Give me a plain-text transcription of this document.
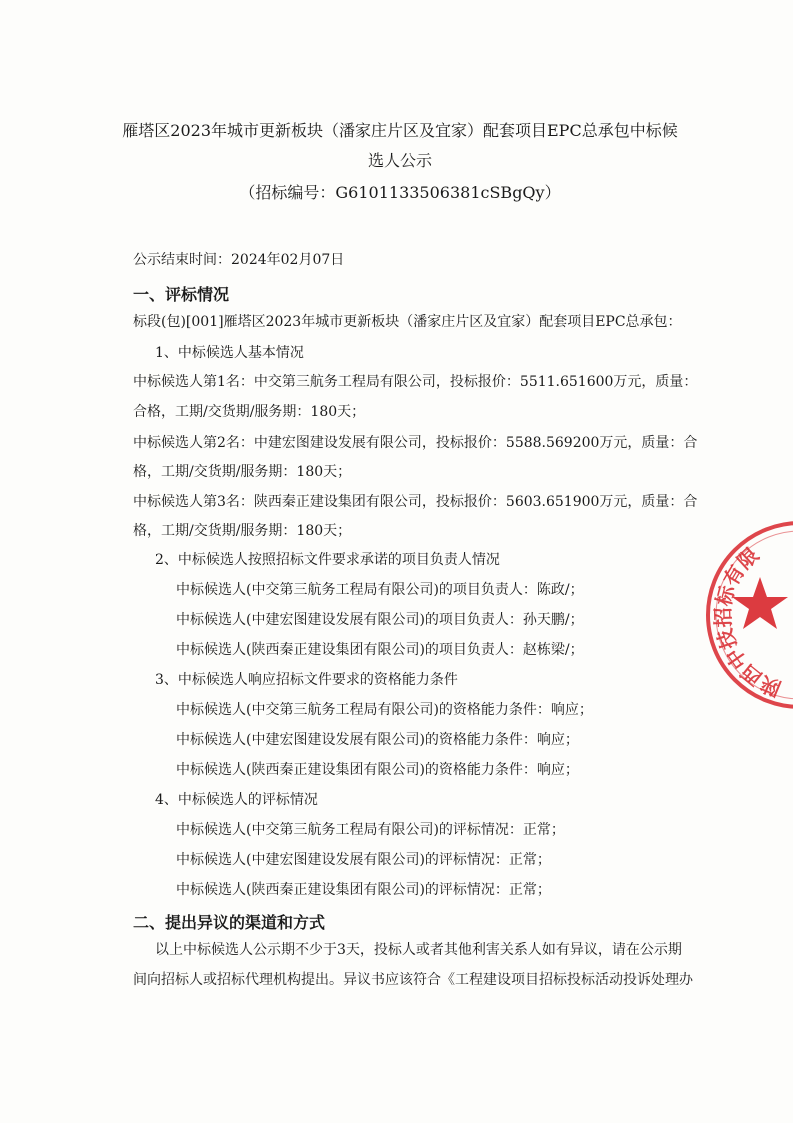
雁塔区2023年城市更新板块（潘家庄片区及宜家）配套项目EPC总承包中标候
选人公示
（招标编号：G6101133506381cSBgQy）
公示结束时间：2024年02月07日
一、评标情况
标段(包)[001]雁塔区2023年城市更新板块（潘家庄片区及宜家）配套项目EPC总承包：
1、中标候选人基本情况
中标候选人第1名：中交第三航务工程局有限公司，投标报价：5511.651600万元，质量：
合格，工期/交货期/服务期：180天；
中标候选人第2名：中建宏图建设发展有限公司，投标报价：5588.569200万元，质量：合
格，工期/交货期/服务期：180天；
中标候选人第3名：陕西秦正建设集团有限公司，投标报价：5603.651900万元，质量：合
格，工期/交货期/服务期：180天；
2、中标候选人按照招标文件要求承诺的项目负责人情况
中标候选人(中交第三航务工程局有限公司)的项目负责人：陈政/；
中标候选人(中建宏图建设发展有限公司)的项目负责人：孙天鹏/；
中标候选人(陕西秦正建设集团有限公司)的项目负责人：赵栋梁/；
3、中标候选人响应招标文件要求的资格能力条件
中标候选人(中交第三航务工程局有限公司)的资格能力条件：响应；
中标候选人(中建宏图建设发展有限公司)的资格能力条件：响应；
中标候选人(陕西秦正建设集团有限公司)的资格能力条件：响应；
4、中标候选人的评标情况
中标候选人(中交第三航务工程局有限公司)的评标情况：正常；
中标候选人(中建宏图建设发展有限公司)的评标情况：正常；
中标候选人(陕西秦正建设集团有限公司)的评标情况：正常；
二、提出异议的渠道和方式
以上中标候选人公示期不少于3天，投标人或者其他利害关系人如有异议，请在公示期
间向招标人或招标代理机构提出。异议书应该符合《工程建设项目招标投标活动投诉处理办
陕西中技招标有限
